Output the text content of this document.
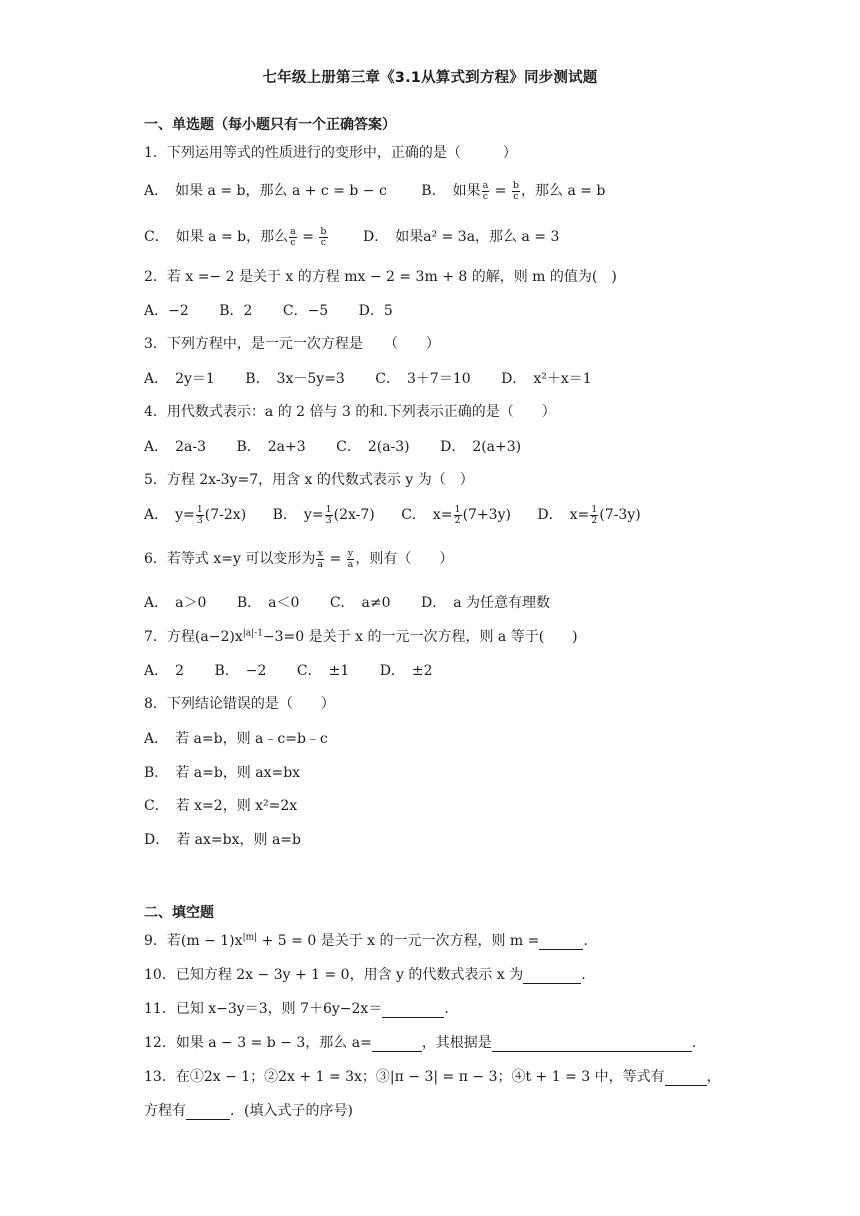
七年级上册第三章《3.1从算式到方程》同步测试题
一、单选题（每小题只有一个正确答案）
1．下列运用等式的性质进行的变形中，正确的是（　　　）
A．　如果 a = b，那么 a + c = b − c B．　如果 $\frac{a}{c} = \frac{b}{c}$ ，那么 a = b
C．　如果 a = b，那么 $\frac{a}{c} = \frac{b}{c}$	D．　如果a² = 3a，那么 a = 3
2．若 x =− 2 是关于 x 的方程 mx − 2 = 3m + 8 的解，则 m 的值为(　)
A．−2 B．2 C．−5 D．5
3．下列方程中，是一元一次方程是　　（　　）
A．　2y＝1 B．　3x－5y=3 C．　3＋7＝10 D．　x²＋x＝1
4．用代数式表示：a 的 2 倍与 3 的和.下列表示正确的是（　　）
A．　2a-3 B．　2a+3 C．　2(a-3) D．　2(a+3)
5．方程 2x-3y=7，用含 x 的代数式表示 y 为（　）
A．　$y= \frac{1}{3} (7-2x)$ B．　$y= \frac{1}{3} (2x-7)$ C．　$x= \frac{1}{2} (7+3y)$ D．　$x= \frac{1}{2} (7-3y)$
6．若等式 x=y 可以变形为 $\frac{x}{a} = \frac{y}{a}$ ，则有（　　）
A．　a＞0 B．　a＜0 C．　a≠0 D．　a 为任意有理数
7．方程$(a-2)x^{|a|-1}-3=0$ 是关于 x 的一元一次方程，则 a 等于(　　)
A．　2 B．　−2 C．　±1 D．　±2
8．下列结论错误的是（　　）
A．　若 a=b，则 a﹣c=b﹣c
B．　若 a=b，则 ax=bx
C．　若 x=2，则 x²=2x
D．　若 ax=bx，则 a=b
二、填空题
9．若$(m - 1)x^{|m|} + 5 = 0$ 是关于 x 的一元一次方程，则 m =	.
10．已知方程 2x − 3y + 1 = 0，用含 y 的代数式表示 x 为	.
11．已知 x−3y＝3，则 7＋6y−2x＝	.
12．如果 a − 3 = b − 3，那么 a=	，其根据是	.
13．在①2x − 1；②2x + 1 = 3x；③|π − 3| = π − 3；④t + 1 = 3 中，等式有	，
方程有	．(填入式子的序号)
